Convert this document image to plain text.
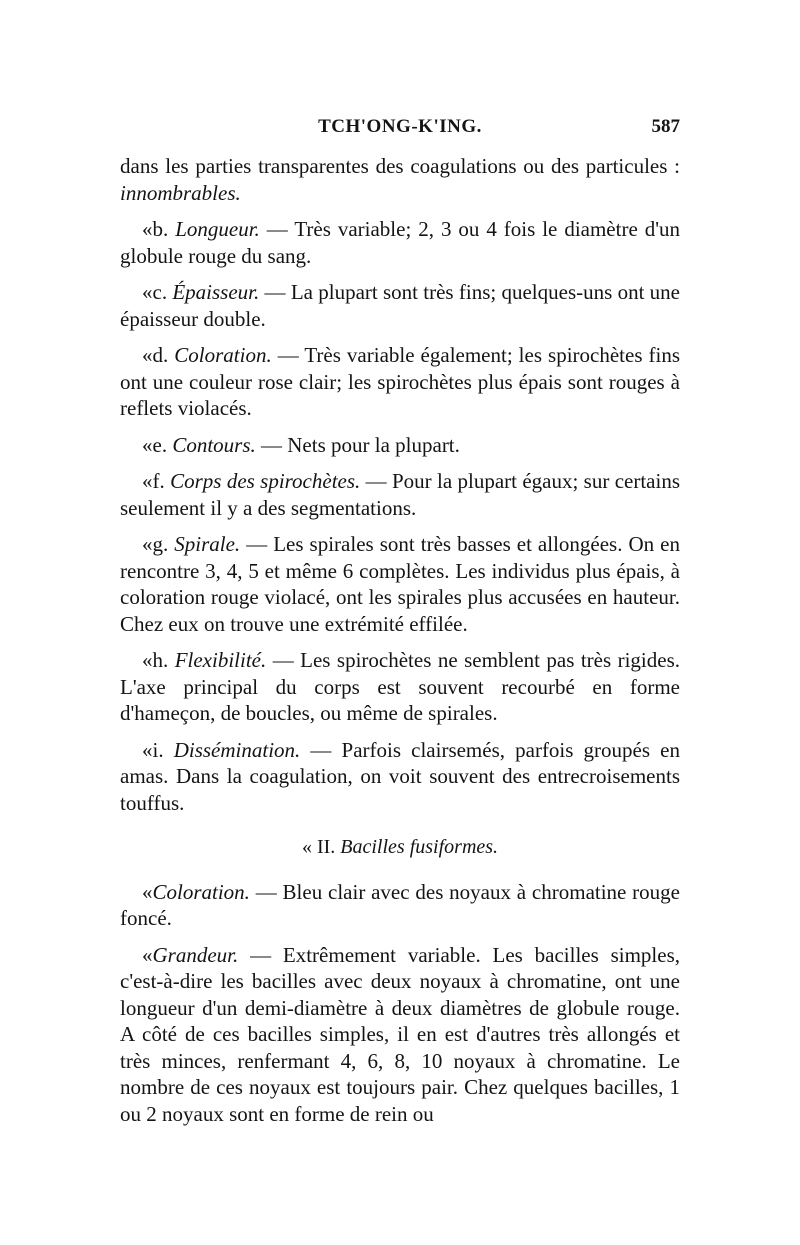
TCH'ONG-K'ING.	587

dans les parties transparentes des coagulations ou des particules : innombrables.

«b. Longueur. — Très variable; 2, 3 ou 4 fois le diamètre d'un globule rouge du sang.

«c. Épaisseur. — La plupart sont très fins; quelques-uns ont une épaisseur double.

«d. Coloration. — Très variable également; les spirochètes fins ont une couleur rose clair; les spirochètes plus épais sont rouges à reflets violacés.

«e. Contours. — Nets pour la plupart.

«f. Corps des spirochètes. — Pour la plupart égaux; sur certains seulement il y a des segmentations.

«g. Spirale. — Les spirales sont très basses et allongées. On en rencontre 3, 4, 5 et même 6 complètes. Les individus plus épais, à coloration rouge violacé, ont les spirales plus accusées en hauteur. Chez eux on trouve une extrémité effilée.

«h. Flexibilité. — Les spirochètes ne semblent pas très rigides. L'axe principal du corps est souvent recourbé en forme d'hameçon, de boucles, ou même de spirales.

«i. Dissémination. — Parfois clairsemés, parfois groupés en amas. Dans la coagulation, on voit souvent des entrecroisements touffus.

« II. Bacilles fusiformes.

«Coloration. — Bleu clair avec des noyaux à chromatine rouge foncé.

«Grandeur. — Extrêmement variable. Les bacilles simples, c'est-à-dire les bacilles avec deux noyaux à chromatine, ont une longueur d'un demi-diamètre à deux diamètres de globule rouge. A côté de ces bacilles simples, il en est d'autres très allongés et très minces, renfermant 4, 6, 8, 10 noyaux à chromatine. Le nombre de ces noyaux est toujours pair. Chez quelques bacilles, 1 ou 2 noyaux sont en forme de rein ou
